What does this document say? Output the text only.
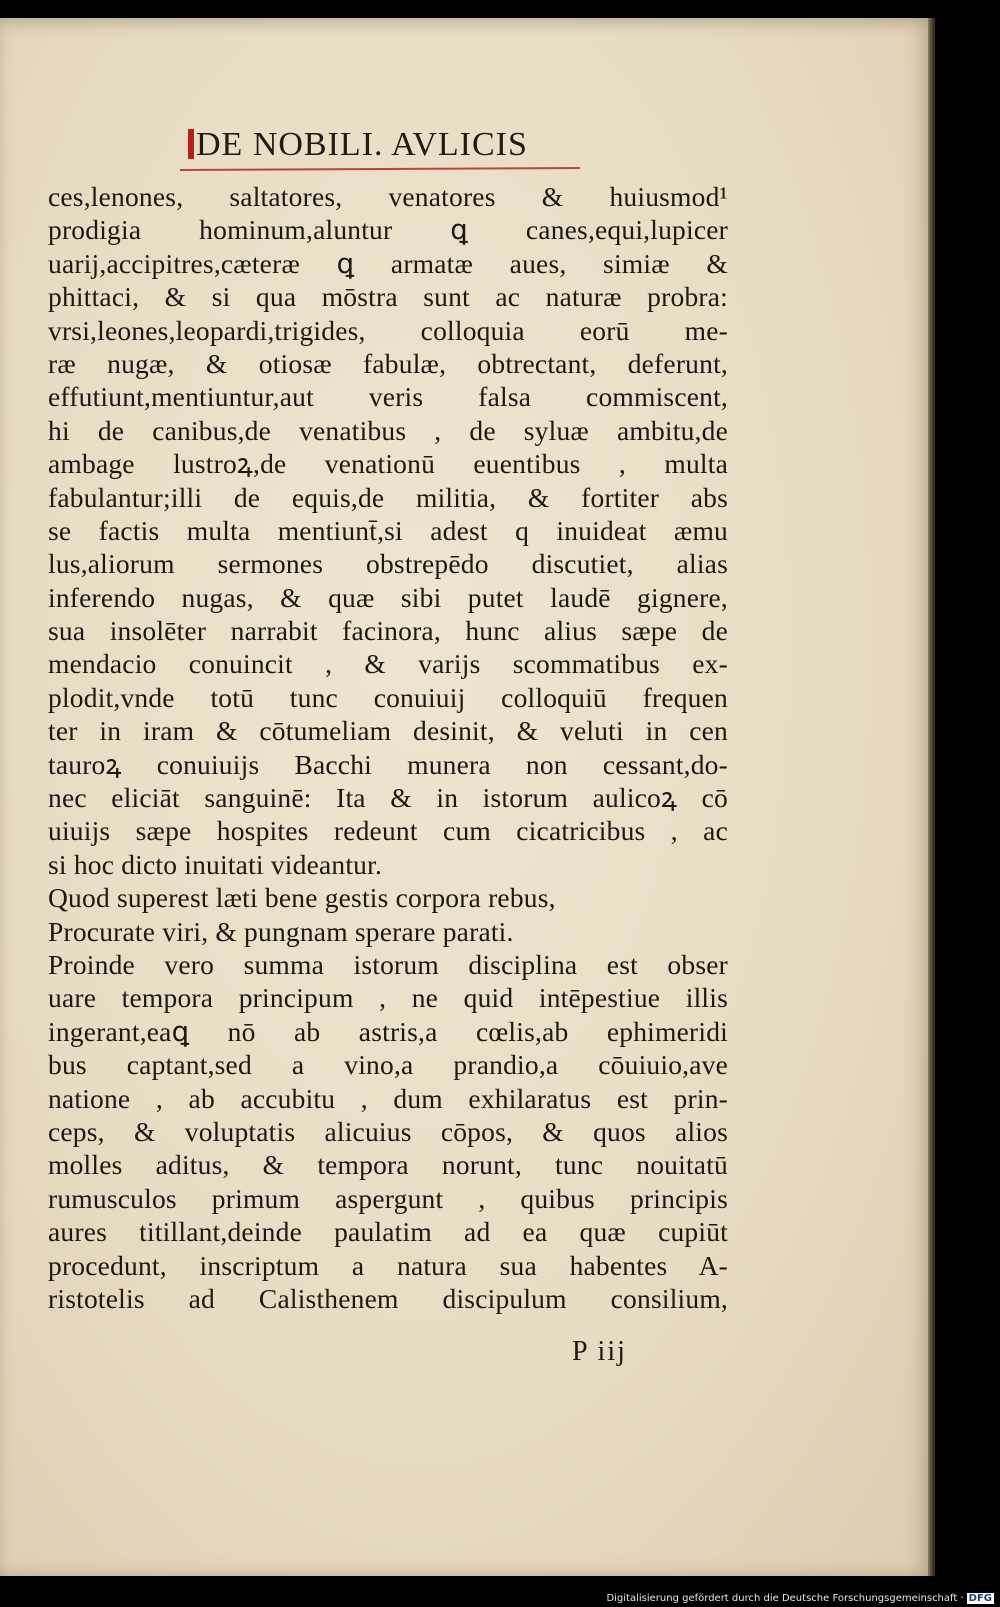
DE NOBILI. AVLICIS
ces,lenones, saltatores, venatores & huiusmod¹
prodigia hominum,aluntur ꝗ canes,equi,lupicer
uarij,accipitres,cæteræ ꝗ armatæ aues, simiæ &
phittaci, & si qua mōstra sunt ac naturæ probra:
vrsi,leones,leopardi,trigides, colloquia eorū me-
ræ nugæ, & otiosæ fabulæ, obtrectant, deferunt,
effutiunt,mentiuntur,aut veris falsa commiscent,
hi de canibus,de venatibus , de syluæ ambitu,de
ambage lustroꝝ,de venationū euentibus , multa
fabulantur;illi de equis,de militia, & fortiter abs
se factis multa mentiunt̄,si adest q inuideat æmu
lus,aliorum sermones obstrepēdo discutiet, alias
inferendo nugas, & quæ sibi putet laudē gignere,
sua insolēter narrabit facinora, hunc alius sæpe de
mendacio conuincit , & varijs scommatibus ex-
plodit,vnde totū tunc conuiuij colloquiū frequen
ter in iram & cōtumeliam desinit, & veluti in cen
tauroꝝ conuiuijs Bacchi munera non cessant,do-
nec eliciāt sanguinē: Ita & in istorum aulicoꝝ cō
uiuijs sæpe hospites redeunt cum cicatricibus , ac
si hoc dicto inuitati videantur.
Quod superest læti bene gestis corpora rebus,
Procurate viri, & pungnam sperare parati.
Proinde vero summa istorum disciplina est obser
uare tempora principum , ne quid intēpestiue illis
ingerant,eaꝗ nō ab astris,a cœlis,ab ephimeridi
bus captant,sed a vino,a prandio,a cōuiuio,ave
natione , ab accubitu , dum exhilaratus est prin-
ceps, & voluptatis alicuius cōpos, & quos alios
molles aditus, & tempora norunt, tunc nouitatū
rumusculos primum aspergunt , quibus principis
aures titillant,deinde paulatim ad ea quæ cupiūt
procedunt, inscriptum a natura sua habentes A-
ristotelis ad Calisthenem discipulum consilium,
P iij
Digitalisierung gefördert durch die Deutsche Forschungsgemeinschaft · DFG
